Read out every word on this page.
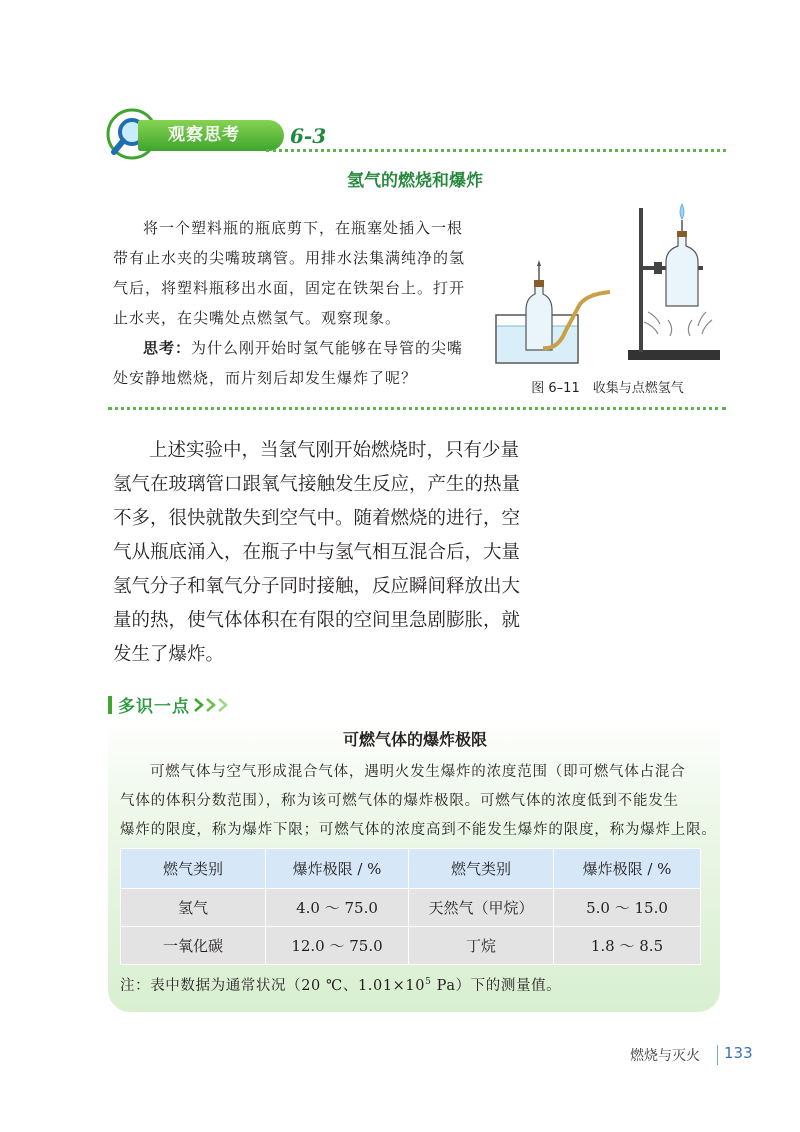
观察思考	6-3
氢气的燃烧和爆炸
将一个塑料瓶的瓶底剪下，在瓶塞处插入一根
带有止水夹的尖嘴玻璃管。用排水法集满纯净的氢
气后，将塑料瓶移出水面，固定在铁架台上。打开
止水夹，在尖嘴处点燃氢气。观察现象。
思考：为什么刚开始时氢气能够在导管的尖嘴
处安静地燃烧，而片刻后却发生爆炸了呢？
图 6–11　收集与点燃氢气
上述实验中，当氢气刚开始燃烧时，只有少量
氢气在玻璃管口跟氧气接触发生反应，产生的热量
不多，很快就散失到空气中。随着燃烧的进行，空
气从瓶底涌入，在瓶子中与氢气相互混合后，大量
氢气分子和氧气分子同时接触，反应瞬间释放出大
量的热，使气体体积在有限的空间里急剧膨胀，就
发生了爆炸。
多识一点
可燃气体的爆炸极限
可燃气体与空气形成混合气体，遇明火发生爆炸的浓度范围（即可燃气体占混合
气体的体积分数范围），称为该可燃气体的爆炸极限。可燃气体的浓度低到不能发生
爆炸的限度，称为爆炸下限；可燃气体的浓度高到不能发生爆炸的限度，称为爆炸上限。
燃气类别	爆炸极限 / %	燃气类别	爆炸极限 / %
氢气	4.0 ～ 75.0	天然气（甲烷）	5.0 ～ 15.0
一氧化碳	12.0 ～ 75.0	丁烷	1.8 ～ 8.5
注：表中数据为通常状况（20 ℃、$1.01\times 10^5$ Pa）下的测量值。
燃烧与灭火 133
